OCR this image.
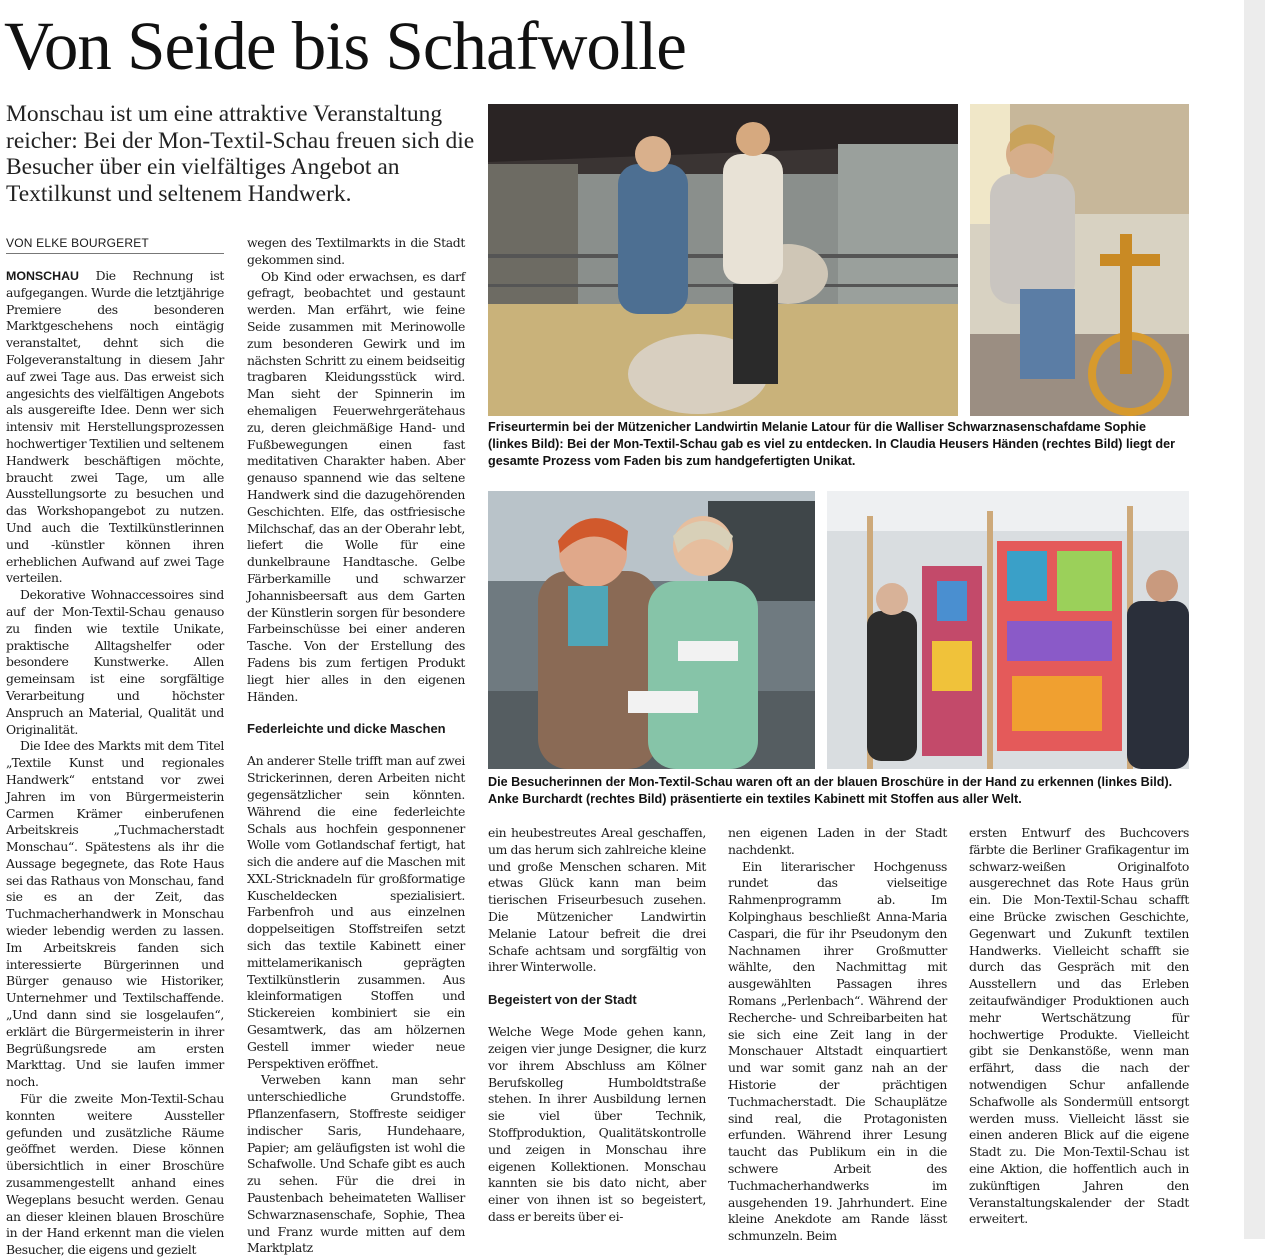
Von Seide bis Schafwolle

Monschau ist um eine attraktive Veranstaltung reicher: Bei der Mon-Textil-Schau freuen sich die Besucher über ein vielfältiges Angebot an Textilkunst und seltenem Handwerk.

VON ELKE BOURGERET

MONSCHAU Die Rechnung ist aufgegangen. Wurde die letztjährige Premiere des besonderen Marktgeschehens noch eintägig veranstaltet, dehnt sich die Folgeveranstaltung in diesem Jahr auf zwei Tage aus. Das erweist sich angesichts des vielfältigen Angebots als ausgereifte Idee. Denn wer sich intensiv mit Herstellungsprozessen hochwertiger Textilien und seltenem Handwerk beschäftigen möchte, braucht zwei Tage, um alle Ausstellungsorte zu besuchen und das Workshopangebot zu nutzen. Und auch die Textilkünstlerinnen und -künstler können ihren erheblichen Aufwand auf zwei Tage verteilen.

Dekorative Wohnaccessoires sind auf der Mon-Textil-Schau genauso zu finden wie textile Unikate, praktische Alltagshelfer oder besondere Kunstwerke. Allen gemeinsam ist eine sorgfältige Verarbeitung und höchster Anspruch an Material, Qualität und Originalität.

Die Idee des Markts mit dem Titel „Textile Kunst und regionales Handwerk“ entstand vor zwei Jahren im von Bürgermeisterin Carmen Krämer einberufenen Arbeitskreis „Tuchmacherstadt Monschau“. Spätestens als ihr die Aussage begegnete, das Rote Haus sei das Rathaus von Monschau, fand sie es an der Zeit, das Tuchmacherhandwerk in Monschau wieder lebendig werden zu lassen. Im Arbeitskreis fanden sich interessierte Bürgerinnen und Bürger genauso wie Historiker, Unternehmer und Textilschaffende. „Und dann sind sie losgelaufen“, erklärt die Bürgermeisterin in ihrer Begrüßungsrede am ersten Markttag. Und sie laufen immer noch.

Für die zweite Mon-Textil-Schau konnten weitere Aussteller gefunden und zusätzliche Räume geöffnet werden. Diese können übersichtlich in einer Broschüre zusammengestellt anhand eines Wegeplans besucht werden. Genau an dieser kleinen blauen Broschüre in der Hand erkennt man die vielen Besucher, die eigens und gezielt

wegen des Textilmarkts in die Stadt gekommen sind.

Ob Kind oder erwachsen, es darf gefragt, beobachtet und gestaunt werden. Man erfährt, wie feine Seide zusammen mit Merinowolle zum besonderen Gewirk und im nächsten Schritt zu einem beidseitig tragbaren Kleidungsstück wird. Man sieht der Spinnerin im ehemaligen Feuerwehrgerätehaus zu, deren gleichmäßige Hand- und Fußbewegungen einen fast meditativen Charakter haben. Aber genauso spannend wie das seltene Handwerk sind die dazugehörenden Geschichten. Elfe, das ostfriesische Milchschaf, das an der Oberahr lebt, liefert die Wolle für eine dunkelbraune Handtasche. Gelbe Färberkamille und schwarzer Johannisbeersaft aus dem Garten der Künstlerin sorgen für besondere Farbeinschüsse bei einer anderen Tasche. Von der Erstellung des Fadens bis zum fertigen Produkt liegt hier alles in den eigenen Händen.

Federleichte und dicke Maschen

An anderer Stelle trifft man auf zwei Strickerinnen, deren Arbeiten nicht gegensätzlicher sein könnten. Während die eine federleichte Schals aus hochfein gesponnener Wolle vom Gotlandschaf fertigt, hat sich die andere auf die Maschen mit XXL-Stricknadeln für großformatige Kuscheldecken spezialisiert. Farbenfroh und aus einzelnen doppelseitigen Stoffstreifen setzt sich das textile Kabinett einer mittelamerikanisch geprägten Textilkünstlerin zusammen. Aus kleinformatigen Stoffen und Stickereien kombiniert sie ein Gesamtwerk, das am hölzernen Gestell immer wieder neue Perspektiven eröffnet.

Verweben kann man sehr unterschiedliche Grundstoffe. Pflanzenfasern, Stoffreste seidiger indischer Saris, Hundehaare, Papier; am geläufigsten ist wohl die Schafwolle. Und Schafe gibt es auch zu sehen. Für die drei in Paustenbach beheimateten Walliser Schwarznasenschafe, Sophie, Thea und Franz wurde mitten auf dem Marktplatz

Friseurtermin bei der Mützenicher Landwirtin Melanie Latour für die Walliser Schwarznasenschafdame Sophie (linkes Bild): Bei der Mon-Textil-Schau gab es viel zu entdecken. In Claudia Heusers Händen (rechtes Bild) liegt der gesamte Prozess vom Faden bis zum handgefertigten Unikat.

Die Besucherinnen der Mon-Textil-Schau waren oft an der blauen Broschüre in der Hand zu erkennen (linkes Bild). Anke Burchardt (rechtes Bild) präsentierte ein textiles Kabinett mit Stoffen aus aller Welt.

ein heubestreutes Areal geschaffen, um das herum sich zahlreiche kleine und große Menschen scharen. Mit etwas Glück kann man beim tierischen Friseurbesuch zusehen. Die Mützenicher Landwirtin Melanie Latour befreit die drei Schafe achtsam und sorgfältig von ihrer Winterwolle.

Begeistert von der Stadt

Welche Wege Mode gehen kann, zeigen vier junge Designer, die kurz vor ihrem Abschluss am Kölner Berufskolleg Humboldtstraße stehen. In ihrer Ausbildung lernen sie viel über Technik, Stoffproduktion, Qualitätskontrolle und zeigen in Monschau ihre eigenen Kollektionen. Monschau kannten sie bis dato nicht, aber einer von ihnen ist so begeistert, dass er bereits über ei-

nen eigenen Laden in der Stadt nachdenkt.

Ein literarischer Hochgenuss rundet das vielseitige Rahmenprogramm ab. Im Kolpinghaus beschließt Anna-Maria Caspari, die für ihr Pseudonym den Nachnamen ihrer Großmutter wählte, den Nachmittag mit ausgewählten Passagen ihres Romans „Perlenbach“. Während der Recherche- und Schreibarbeiten hat sie sich eine Zeit lang in der Monschauer Altstadt einquartiert und war somit ganz nah an der Historie der prächtigen Tuchmacherstadt. Die Schauplätze sind real, die Protagonisten erfunden. Während ihrer Lesung taucht das Publikum ein in die schwere Arbeit des Tuchmacherhandwerks im ausgehenden 19. Jahrhundert. Eine kleine Anekdote am Rande lässt schmunzeln. Beim

ersten Entwurf des Buchcovers färbte die Berliner Grafikagentur im schwarz-weißen Originalfoto ausgerechnet das Rote Haus grün ein. Die Mon-Textil-Schau schafft eine Brücke zwischen Geschichte, Gegenwart und Zukunft textilen Handwerks. Vielleicht schafft sie durch das Gespräch mit den Ausstellern und das Erleben zeitaufwändiger Produktionen auch mehr Wertschätzung für hochwertige Produkte. Vielleicht gibt sie Denkanstöße, wenn man erfährt, dass die nach der notwendigen Schur anfallende Schafwolle als Sondermüll entsorgt werden muss. Vielleicht lässt sie einen anderen Blick auf die eigene Stadt zu. Die Mon-Textil-Schau ist eine Aktion, die hoffentlich auch in zukünftigen Jahren den Veranstaltungskalender der Stadt erweitert.
